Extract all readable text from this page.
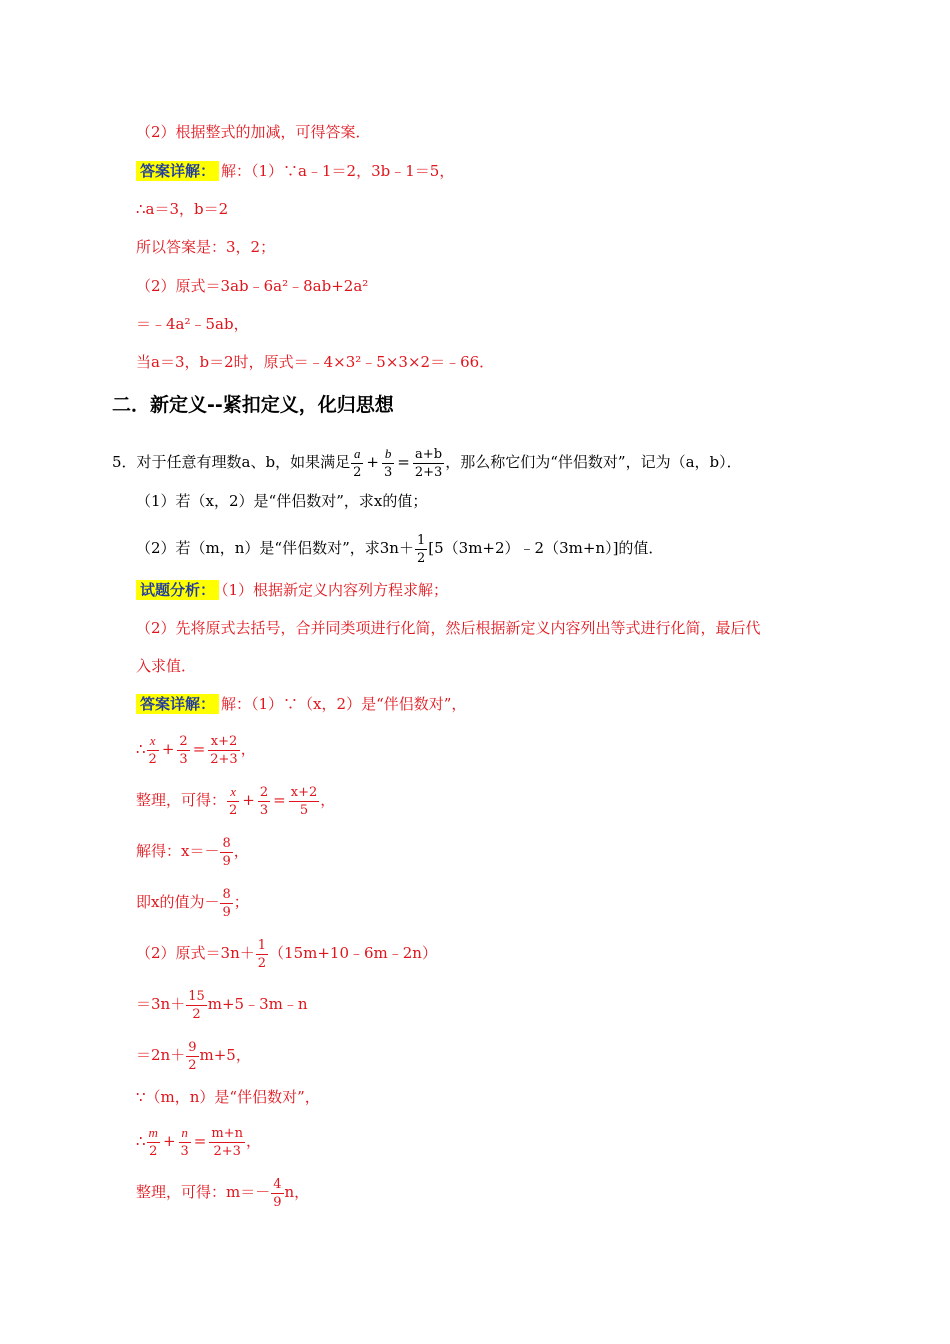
（2）根据整式的加减，可得答案．
答案详解： 解：（1）∵a﹣1＝2，3b﹣1＝5，
∴a＝3，b＝2
所以答案是：3，2；
（2）原式＝3ab﹣6a²﹣8ab+2a²
＝﹣4a²﹣5ab，
当a＝3，b＝2时，原式＝﹣4×3²﹣5×3×2＝﹣66．
二．新定义--紧扣定义，化归思想
5．对于任意有理数a、b，如果满足 $\frac{a}{2} + \frac{b}{3} = \frac{a+b}{2+3}$ ，那么称它们为“伴侣数对”，记为（a，b）．
（1）若（x，2）是“伴侣数对”，求x的值；
（2）若（m，n）是“伴侣数对”，求$3n+ \frac{1}{2}$ [5（3m+2）﹣2（3m+n）]的值．
试题分析： （1）根据新定义内容列方程求解；
（2）先将原式去括号，合并同类项进行化简，然后根据新定义内容列出等式进行化简，最后代
入求值．
答案详解： 解：（1）∵（x，2）是“伴侣数对”，
∴ $\frac{x}{2} + \frac{2}{3} = \frac{x+2}{2+3}$ ，
整理，可得： $\frac{x}{2} + \frac{2}{3} = \frac{x+2}{5}$ ，
解得：$x=- \frac{8}{9}$ ，
即x的值为－ $\frac{8}{9}$ ；
（2）原式$=3n+ \frac{1}{2}$ （15m+10﹣6m﹣2n）
$=3n+ \frac{15}{2}$ m+5﹣3m﹣n
$=2n+ \frac{9}{2} m+5$，
∵（m，n）是“伴侣数对”，
∴ $\frac{m}{2} + \frac{n}{3} = \frac{m+n}{2+3}$ ，
整理，可得：$m=- \frac{4}{9}$ n，
